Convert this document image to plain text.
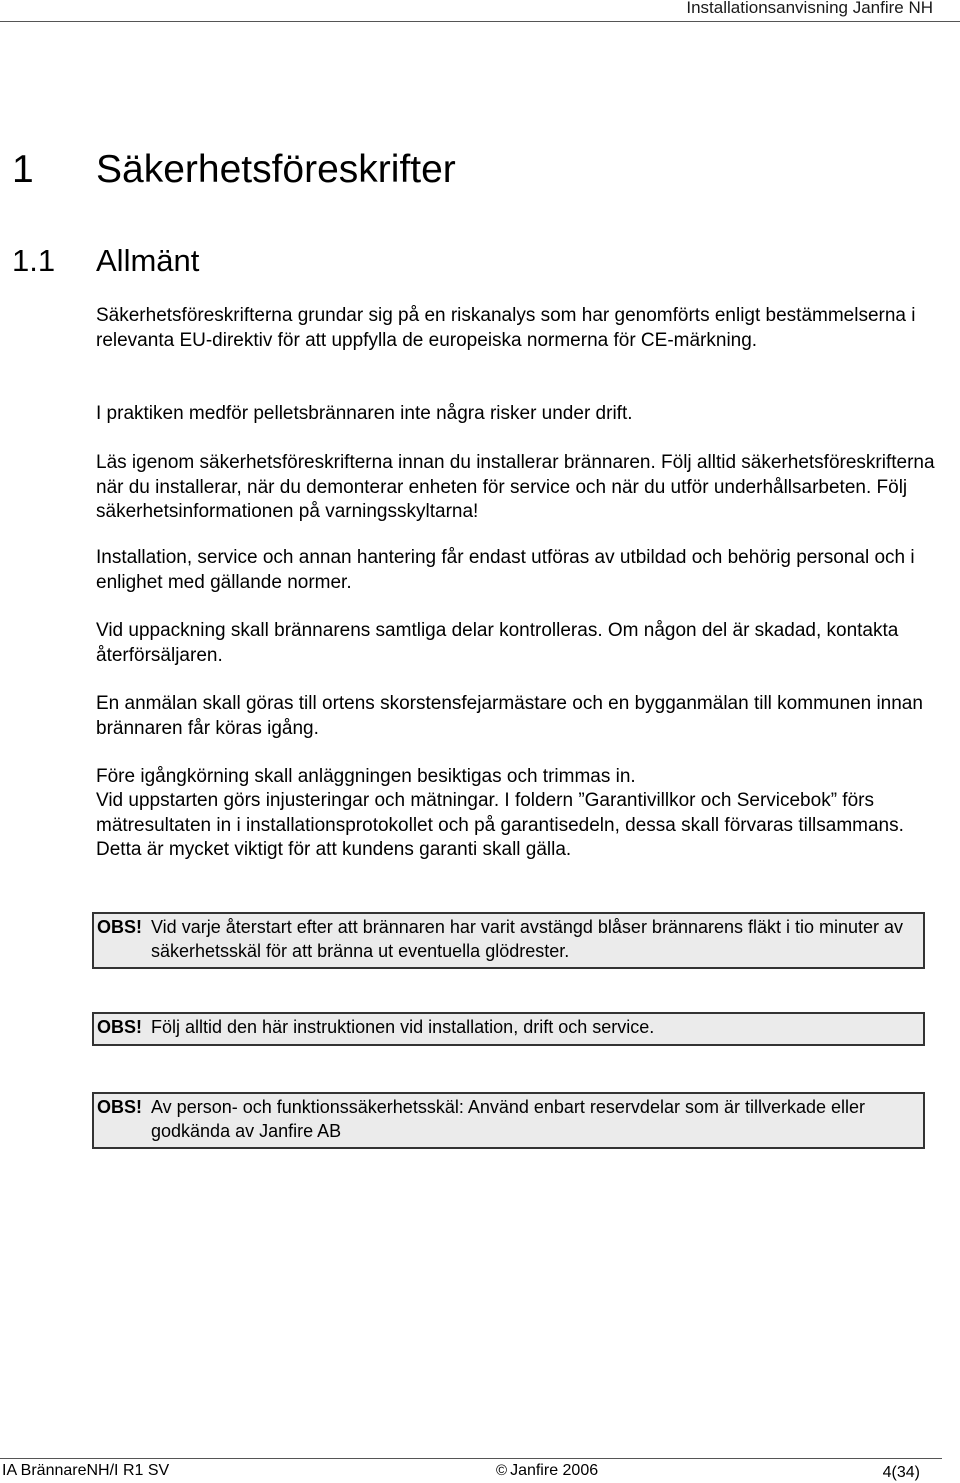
Installationsanvisning Janfire NH
1 Säkerhetsföreskrifter
1.1 Allmänt

Säkerhetsföreskrifterna grundar sig på en riskanalys som har genomförts enligt bestämmelserna i relevanta EU-direktiv för att uppfylla de europeiska normerna för CE-märkning.

I praktiken medför pelletsbrännaren inte några risker under drift.

Läs igenom säkerhetsföreskrifterna innan du installerar brännaren. Följ alltid säkerhetsföreskrifterna när du installerar, när du demonterar enheten för service och när du utför underhållsarbeten. Följ säkerhetsinformationen på varningsskyltarna!

Installation, service och annan hantering får endast utföras av utbildad och behörig personal och i enlighet med gällande normer.

Vid uppackning skall brännarens samtliga delar kontrolleras. Om någon del är skadad, kontakta återförsäljaren.

En anmälan skall göras till ortens skorstensfejarmästare och en bygganmälan till kommunen innan brännaren får köras igång.

Före igångkörning skall anläggningen besiktigas och trimmas in.

Vid uppstarten görs injusteringar och mätningar. I foldern ”Garantivillkor och Servicebok” förs mätresultaten in i installationsprotokollet och på garantisedeln, dessa skall förvaras tillsammans. Detta är mycket viktigt för att kundens garanti skall gälla.

OBS! Vid varje återstart efter att brännaren har varit avstängd blåser brännarens fläkt i tio minuter av säkerhetsskäl för att bränna ut eventuella glödrester.
OBS! Följ alltid den här instruktionen vid installation, drift och service.
OBS! Av person- och funktionssäkerhetsskäl: Använd enbart reservdelar som är tillverkade eller godkända av Janfire AB
IA BrännareNH/I R1 SV	© Janfire 2006	4(34)
